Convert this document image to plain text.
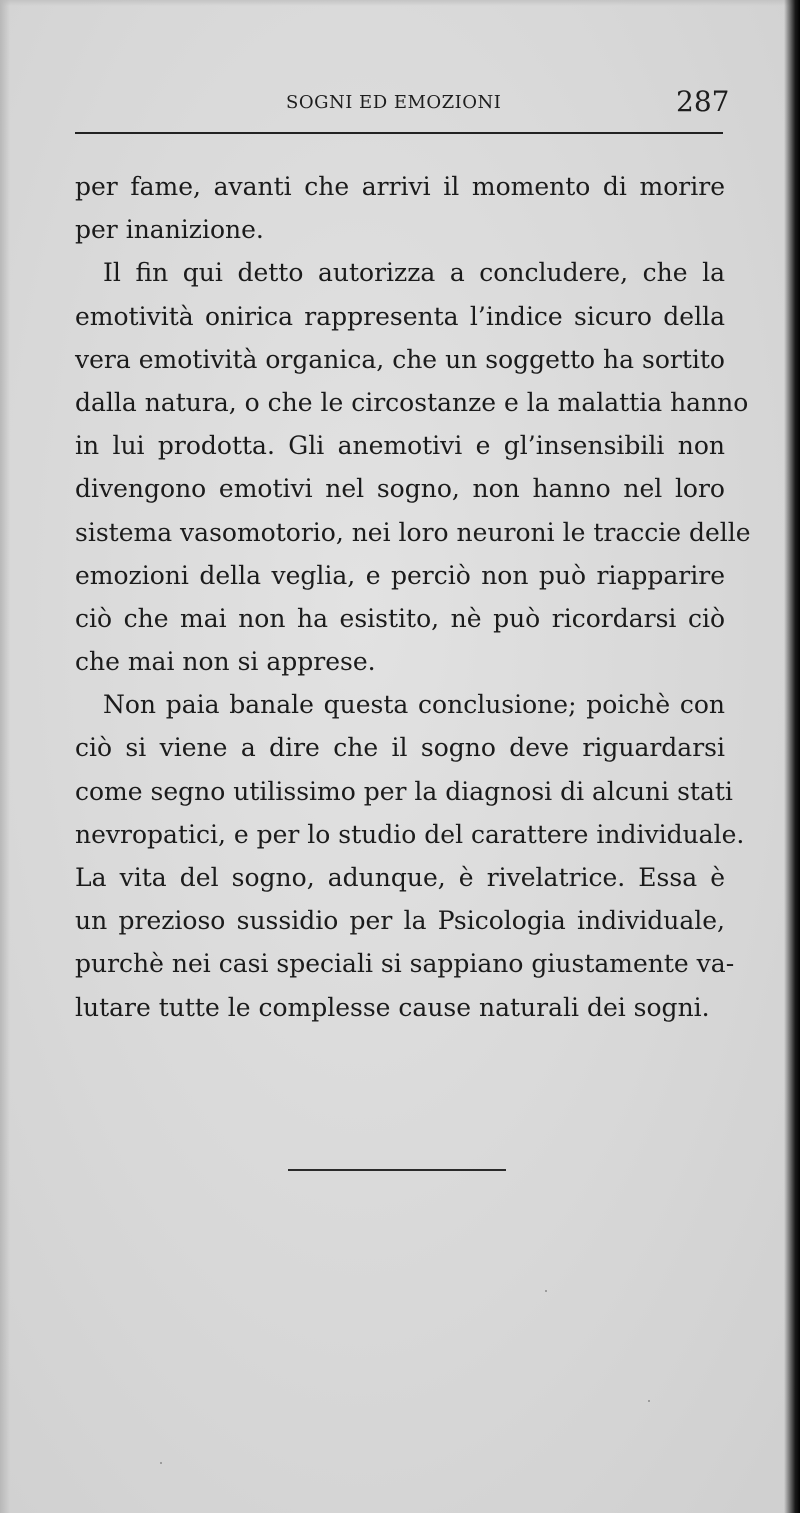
SOGNI ED EMOZIONI	287
per fame, avanti che arrivi il momento di morire
per inanizione.
Il fin qui detto autorizza a concludere, che la
emotività onirica rappresenta l’indice sicuro della
vera emotività organica, che un soggetto ha sortito
dalla natura, o che le circostanze e la malattia hanno
in lui prodotta. Gli anemotivi e gl’insensibili non
divengono emotivi nel sogno, non hanno nel loro
sistema vasomotorio, nei loro neuroni le traccie delle
emozioni della veglia, e perciò non può riapparire
ciò che mai non ha esistito, nè può ricordarsi ciò
che mai non si apprese.
Non paia banale questa conclusione; poichè con
ciò si viene a dire che il sogno deve riguardarsi
come segno utilissimo per la diagnosi di alcuni stati
nevropatici, e per lo studio del carattere individuale.
La vita del sogno, adunque, è rivelatrice. Essa è
un prezioso sussidio per la Psicologia individuale,
purchè nei casi speciali si sappiano giustamente va-
lutare tutte le complesse cause naturali dei sogni.
